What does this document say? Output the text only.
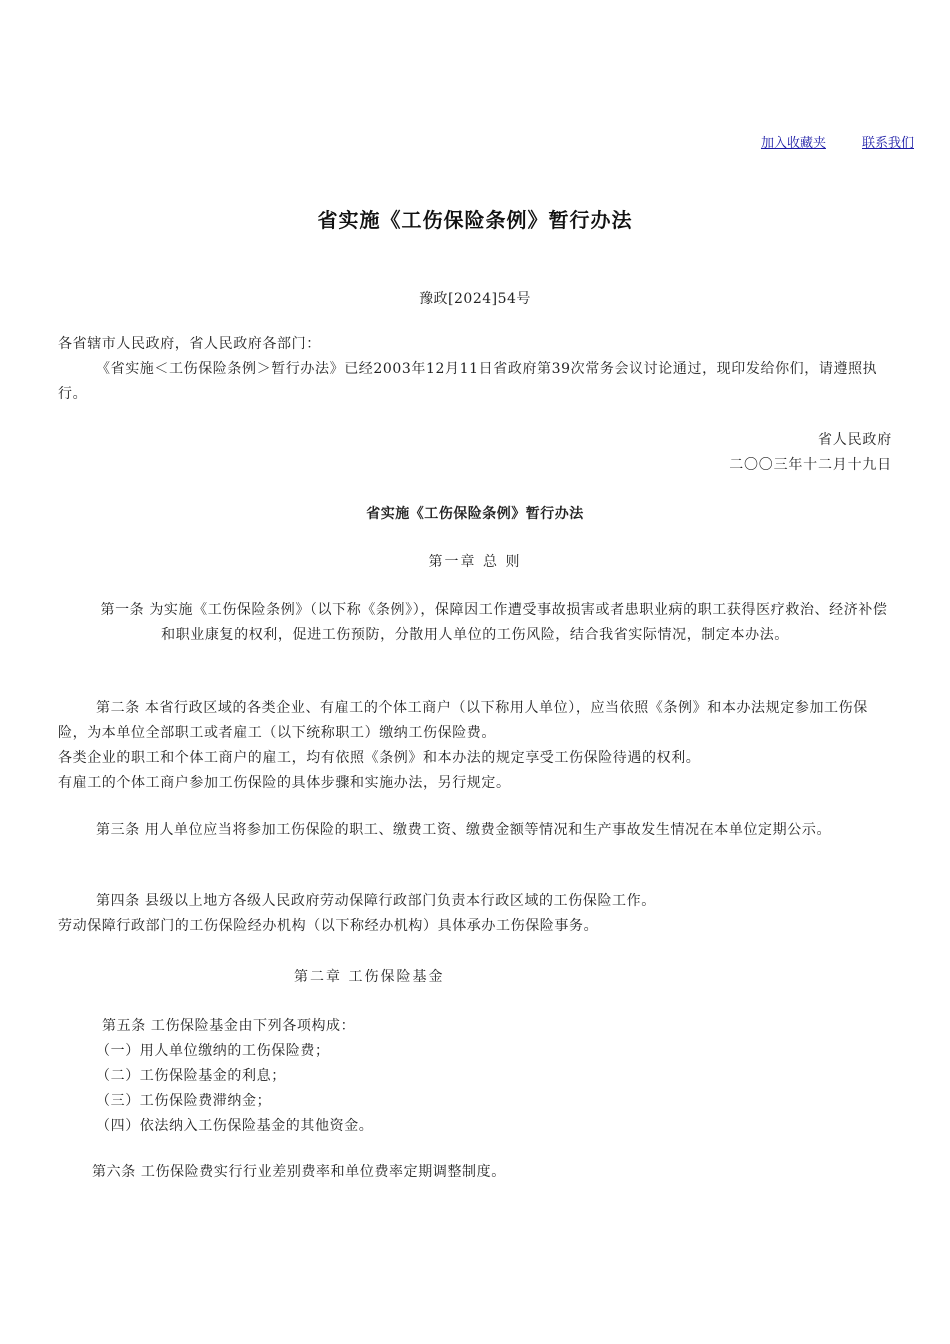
加入收藏夹	联系我们
省实施《工伤保险条例》暂行办法
豫政[2024]54号

各省辖市人民政府，省人民政府各部门：

《省实施＜工伤保险条例＞暂行办法》已经2003年12月11日省政府第39次常务会议讨论通过，现印发给你们，请遵照执行。

省人民政府

二〇〇三年十二月十九日

省实施《工伤保险条例》暂行办法
第一章 总 则
第一条 为实施《工伤保险条例》（以下称《条例》），保障因工作遭受事故损害或者患职业病的职工获得医疗救治、经济补偿和职业康复的权利，促进工伤预防，分散用人单位的工伤风险，结合我省实际情况，制定本办法。

第二条 本省行政区域的各类企业、有雇工的个体工商户（以下称用人单位），应当依照《条例》和本办法规定参加工伤保险，为本单位全部职工或者雇工（以下统称职工）缴纳工伤保险费。

各类企业的职工和个体工商户的雇工，均有依照《条例》和本办法的规定享受工伤保险待遇的权利。

有雇工的个体工商户参加工伤保险的具体步骤和实施办法，另行规定。

第三条 用人单位应当将参加工伤保险的职工、缴费工资、缴费金额等情况和生产事故发生情况在本单位定期公示。

第四条 县级以上地方各级人民政府劳动保障行政部门负责本行政区域的工伤保险工作。

劳动保障行政部门的工伤保险经办机构（以下称经办机构）具体承办工伤保险事务。

第二章 工伤保险基金

第五条 工伤保险基金由下列各项构成：

（一）用人单位缴纳的工伤保险费；

（二）工伤保险基金的利息；

（三）工伤保险费滞纳金；

（四）依法纳入工伤保险基金的其他资金。

第六条 工伤保险费实行行业差别费率和单位费率定期调整制度。
